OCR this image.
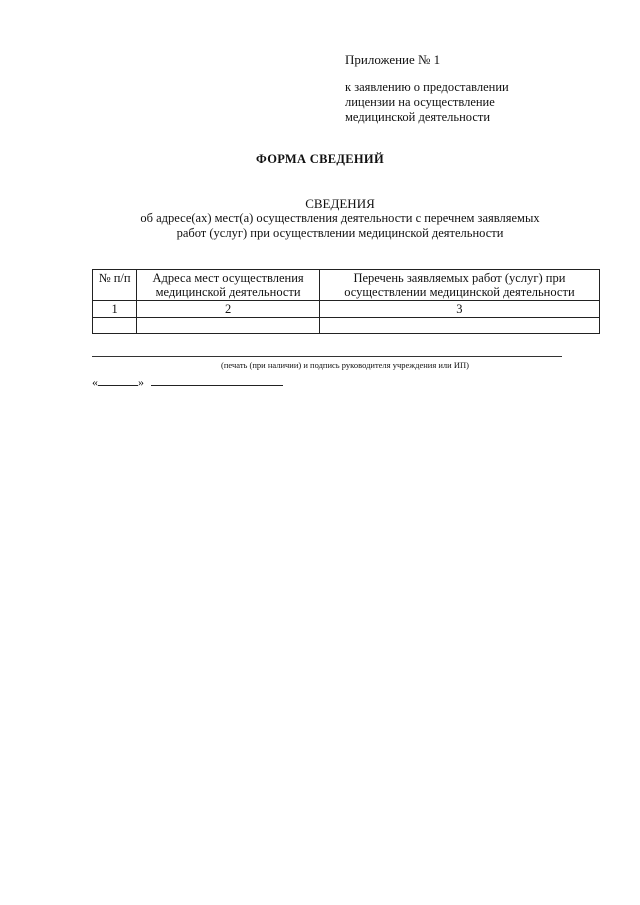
Приложение № 1
к заявлению о предоставлении лицензии на осуществление медицинской деятельности
ФОРМА СВЕДЕНИЙ
СВЕДЕНИЯ
об адресе(ах) мест(а) осуществления деятельности с перечнем заявляемых работ (услуг) при осуществлении медицинской деятельности
№ п/п	Адреса мест осуществления медицинской деятельности	Перечень заявляемых работ (услуг) при осуществлении медицинской деятельности
1	2	3

(печать (при наличии) и подпись руководителя учреждения или ИП)
«	»
